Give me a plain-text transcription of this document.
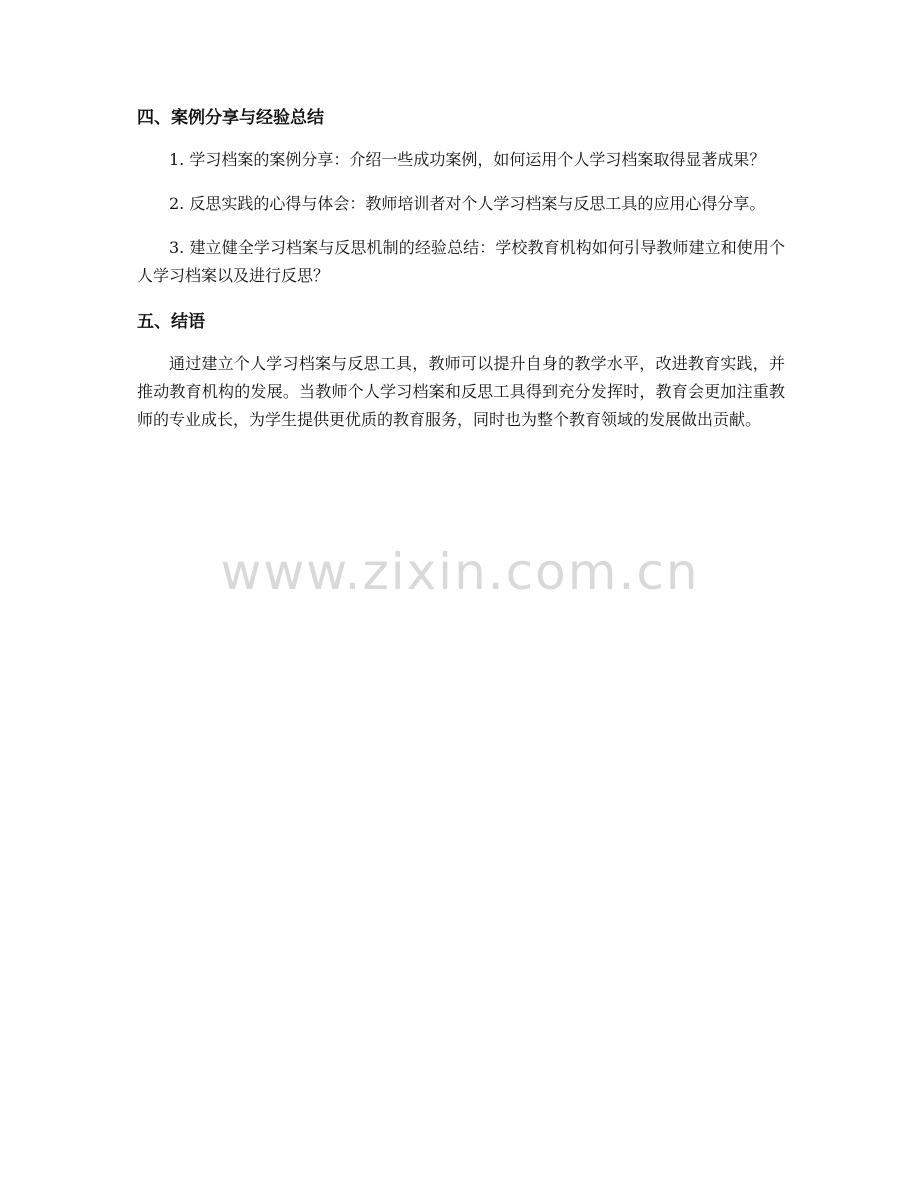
四、案例分享与经验总结

1. 学习档案的案例分享：介绍一些成功案例，如何运用个人学习档案取得显著成果？

2. 反思实践的心得与体会：教师培训者对个人学习档案与反思工具的应用心得分享。

3. 建立健全学习档案与反思机制的经验总结：学校教育机构如何引导教师建立和使用个人学习档案以及进行反思？

五、结语

通过建立个人学习档案与反思工具，教师可以提升自身的教学水平，改进教育实践，并推动教育机构的发展。当教师个人学习档案和反思工具得到充分发挥时，教育会更加注重教师的专业成长，为学生提供更优质的教育服务，同时也为整个教育领域的发展做出贡献。

www.zixin.com.cn
